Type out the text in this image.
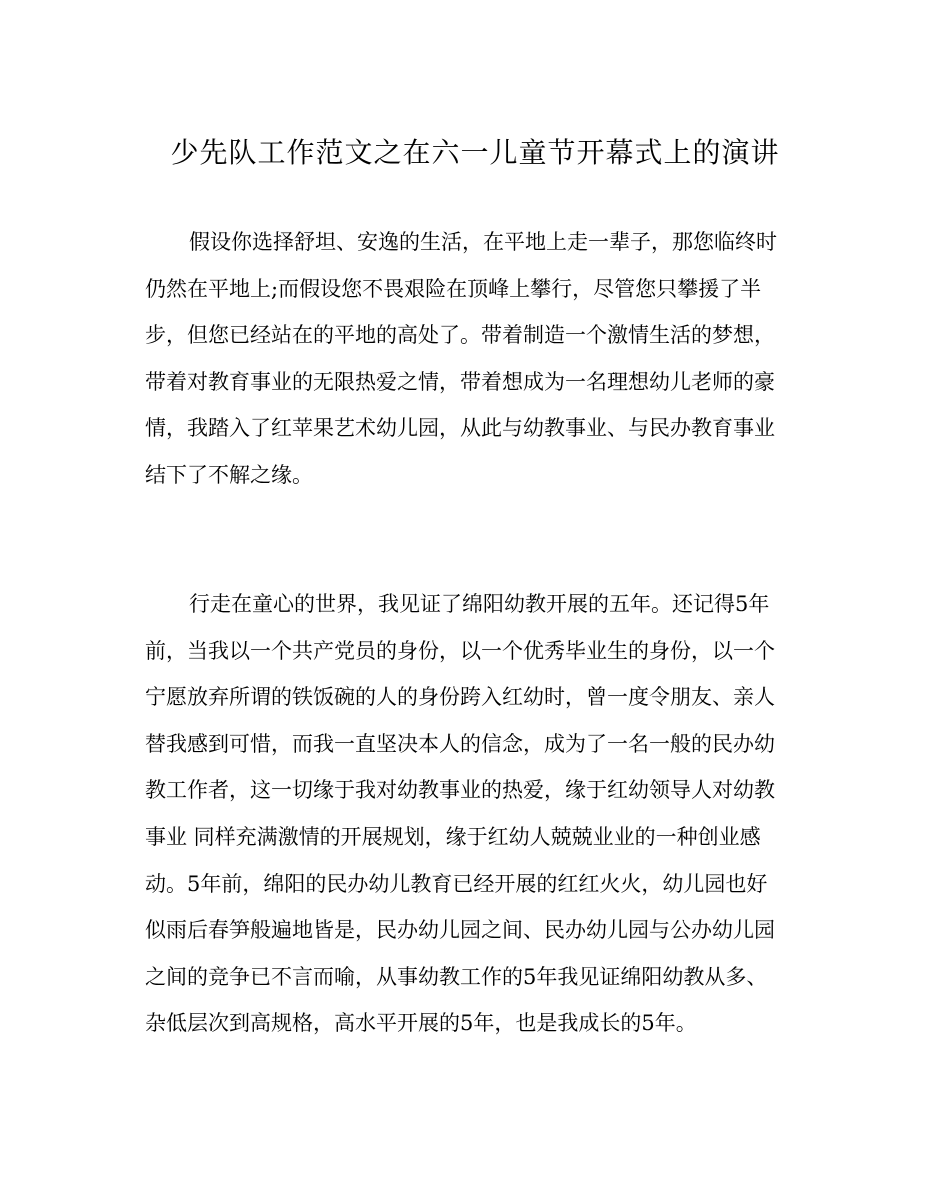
少先队工作范文之在六一儿童节开幕式上的演讲

假设你选择舒坦、安逸的生活，在平地上走一辈子，那您临终时
仍然在平地上;而假设您不畏艰险在顶峰上攀行，尽管您只攀援了半
步，但您已经站在的平地的高处了。带着制造一个激情生活的梦想，
带着对教育事业的无限热爱之情，带着想成为一名理想幼儿老师的豪
情，我踏入了红苹果艺术幼儿园，从此与幼教事业、与民办教育事业
结下了不解之缘。

行走在童心的世界，我见证了绵阳幼教开展的五年。还记得5年
前，当我以一个共产党员的身份，以一个优秀毕业生的身份，以一个
宁愿放弃所谓的铁饭碗的人的身份跨入红幼时，曾一度令朋友、亲人
替我感到可惜，而我一直坚决本人的信念，成为了一名一般的民办幼
教工作者，这一切缘于我对幼教事业的热爱，缘于红幼领导人对幼教
事业 同样充满激情的开展规划，缘于红幼人兢兢业业的一种创业感
动。5年前，绵阳的民办幼儿教育已经开展的红红火火，幼儿园也好
似雨后春笋般遍地皆是，民办幼儿园之间、民办幼儿园与公办幼儿园
之间的竞争已不言而喻，从事幼教工作的5年我见证绵阳幼教从多、
杂低层次到高规格，高水平开展的5年，也是我成长的5年。
